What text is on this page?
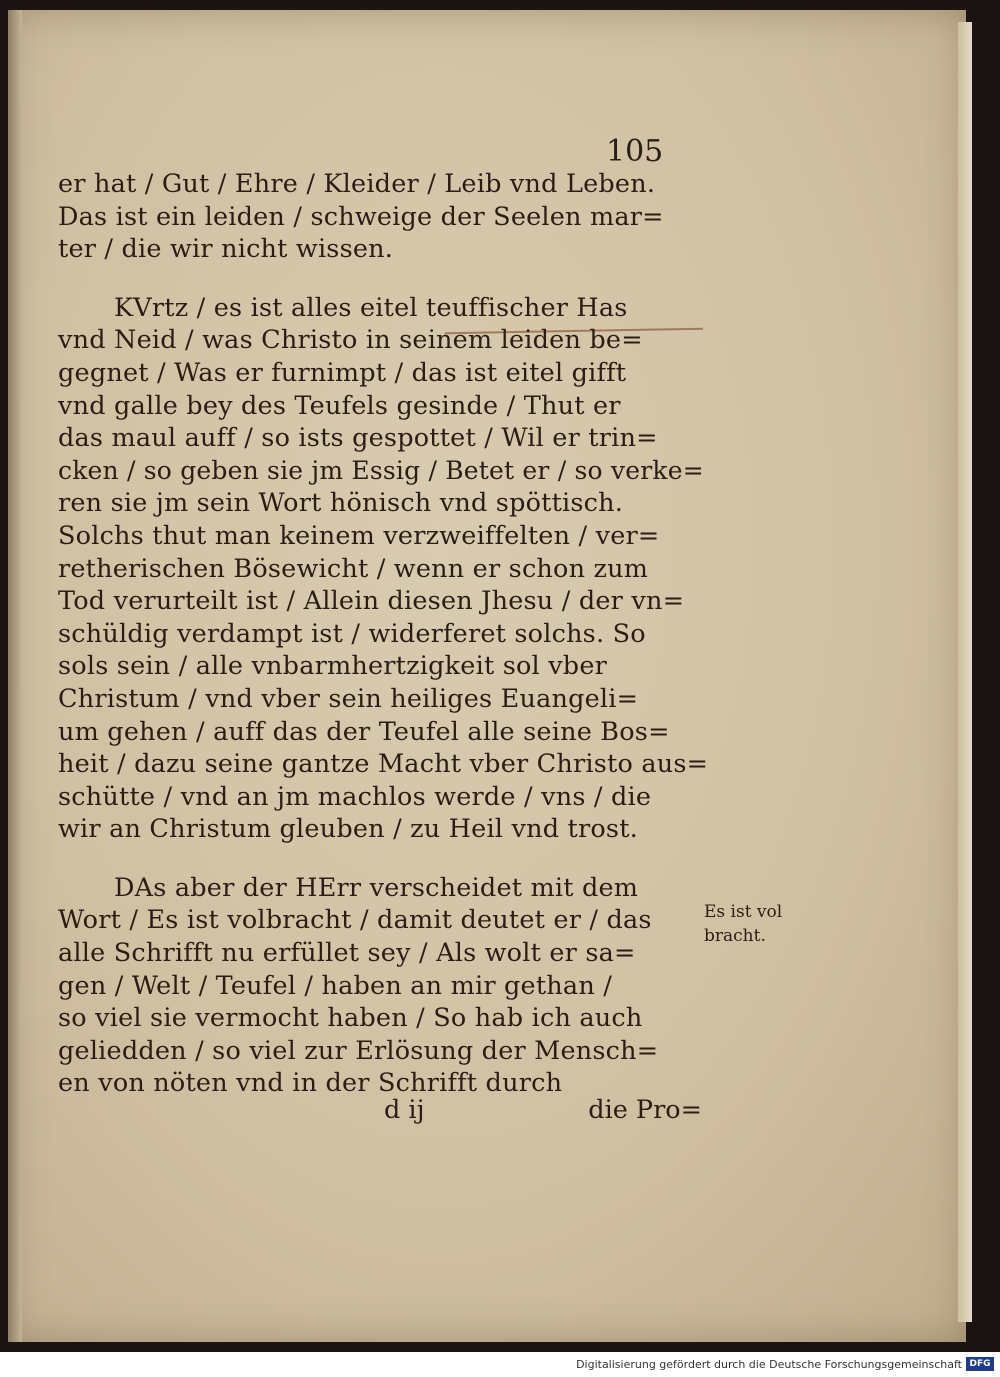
105
er hat / Gut / Ehre / Kleider / Leib vnd Leben.
Das ist ein leiden / schweige der Seelen mar=
ter / die wir nicht wissen.
KVrtz / es ist alles eitel teuffischer Has
vnd Neid / was Christo in seinem leiden be=
gegnet / Was er furnimpt / das ist eitel gifft
vnd galle bey des Teufels gesinde / Thut er
das maul auff / so ists gespottet / Wil er trin=
cken / so geben sie jm Essig / Betet er / so verke=
ren sie jm sein Wort hönisch vnd spöttisch.
Solchs thut man keinem verzweiffelten / ver=
retherischen Bösewicht / wenn er schon zum
Tod verurteilt ist / Allein diesen Jhesu / der vn=
schüldig verdampt ist / widerferet solchs. So
sols sein / alle vnbarmhertzigkeit sol vber
Christum / vnd vber sein heiliges Euangeli=
um gehen / auff das der Teufel alle seine Bos=
heit / dazu seine gantze Macht vber Christo aus=
schütte / vnd an jm machlos werde / vns / die
wir an Christum gleuben / zu Heil vnd trost.
DAs aber der HErr verscheidet mit dem
Wort / Es ist volbracht / damit deutet er / das
alle Schrifft nu erfüllet sey / Als wolt er sa=
gen / Welt / Teufel / haben an mir gethan /
so viel sie vermocht haben / So hab ich auch
geliedden / so viel zur Erlösung der Mensch=
en von nöten vnd in der Schrifft durch
Es ist vol
bracht.
d ij	die Pro=
Digitalisierung gefördert durch die Deutsche Forschungsgemeinschaft DFG
